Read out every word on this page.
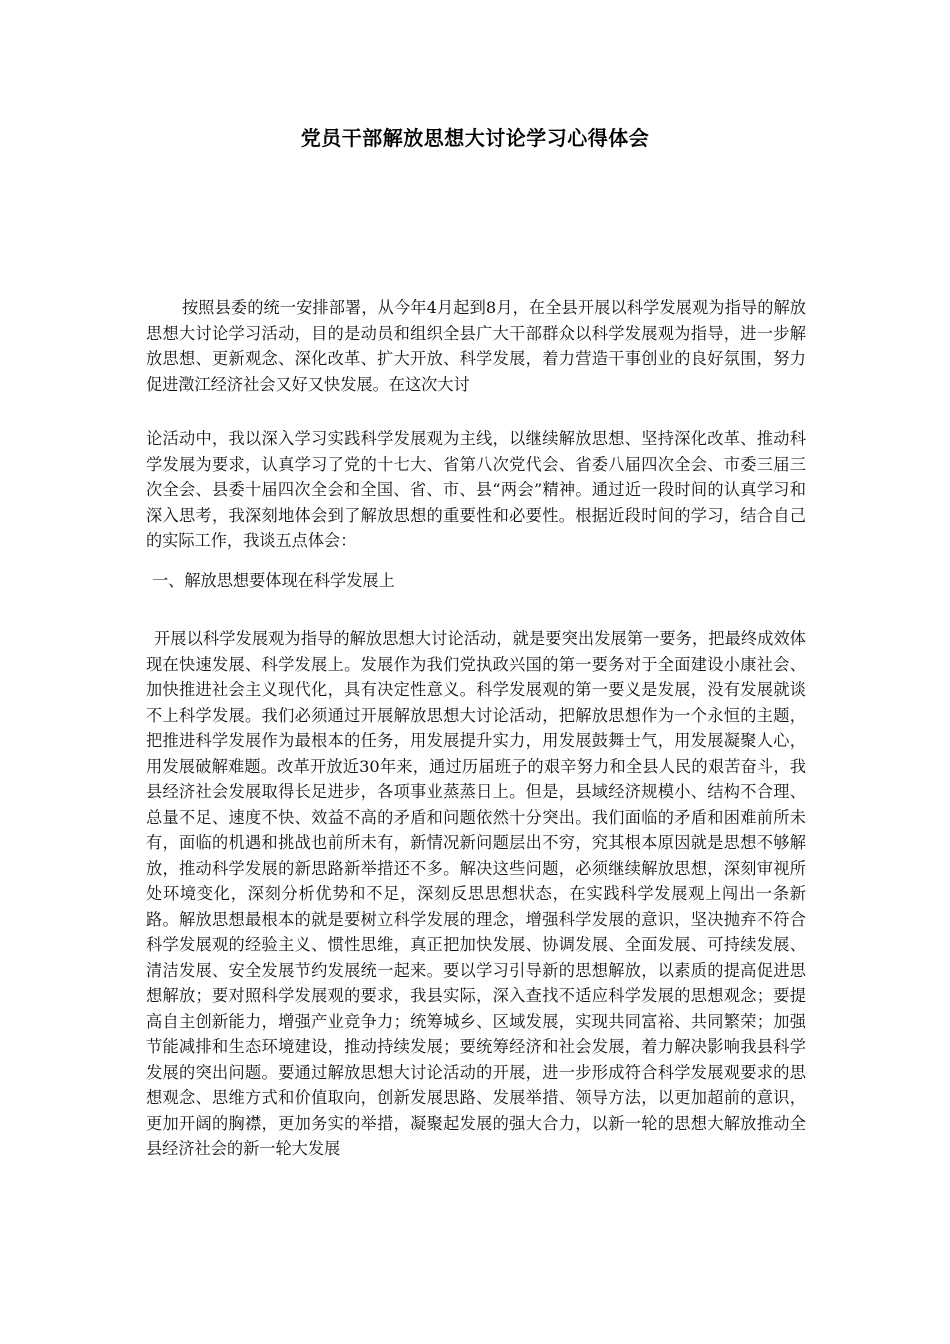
党员干部解放思想大讨论学习心得体会
按照县委的统一安排部署，从今年4月起到8月，在全县开展以科学发展观为指导的解放思想大讨论学习活动，目的是动员和组织全县广大干部群众以科学发展观为指导，进一步解放思想、更新观念、深化改革、扩大开放、科学发展，着力营造干事创业的良好氛围，努力促进澂江经济社会又好又快发展。在这次大讨
论活动中，我以深入学习实践科学发展观为主线，以继续解放思想、坚持深化改革、推动科学发展为要求，认真学习了党的十七大、省第八次党代会、省委八届四次全会、市委三届三次全会、县委十届四次全会和全国、省、市、县“两会”精神。通过近一段时间的认真学习和深入思考，我深刻地体会到了解放思想的重要性和必要性。根据近段时间的学习，结合自己的实际工作，我谈五点体会：
一、解放思想要体现在科学发展上
开展以科学发展观为指导的解放思想大讨论活动，就是要突出发展第一要务，把最终成效体现在快速发展、科学发展上。发展作为我们党执政兴国的第一要务对于全面建设小康社会、加快推进社会主义现代化，具有决定性意义。科学发展观的第一要义是发展，没有发展就谈不上科学发展。我们必须通过开展解放思想大讨论活动，把解放思想作为一个永恒的主题，把推进科学发展作为最根本的任务，用发展提升实力，用发展鼓舞士气，用发展凝聚人心，用发展破解难题。改革开放近30年来，通过历届班子的艰辛努力和全县人民的艰苦奋斗，我县经济社会发展取得长足进步，各项事业蒸蒸日上。但是，县域经济规模小、结构不合理、总量不足、速度不快、效益不高的矛盾和问题依然十分突出。我们面临的矛盾和困难前所未有，面临的机遇和挑战也前所未有，新情况新问题层出不穷，究其根本原因就是思想不够解放，推动科学发展的新思路新举措还不多。解决这些问题，必须继续解放思想，深刻审视所处环境变化，深刻分析优势和不足，深刻反思思想状态，在实践科学发展观上闯出一条新路。解放思想最根本的就是要树立科学发展的理念，增强科学发展的意识，坚决抛弃不符合科学发展观的经验主义、惯性思维，真正把加快发展、协调发展、全面发展、可持续发展、清洁发展、安全发展节约发展统一起来。要以学习引导新的思想解放，以素质的提高促进思想解放；要对照科学发展观的要求，我县实际，深入查找不适应科学发展的思想观念；要提高自主创新能力，增强产业竞争力；统筹城乡、区域发展，实现共同富裕、共同繁荣；加强节能减排和生态环境建设，推动持续发展；要统筹经济和社会发展，着力解决影响我县科学发展的突出问题。要通过解放思想大讨论活动的开展，进一步形成符合科学发展观要求的思想观念、思维方式和价值取向，创新发展思路、发展举措、领导方法，以更加超前的意识，更加开阔的胸襟，更加务实的举措，凝聚起发展的强大合力，以新一轮的思想大解放推动全县经济社会的新一轮大发展
